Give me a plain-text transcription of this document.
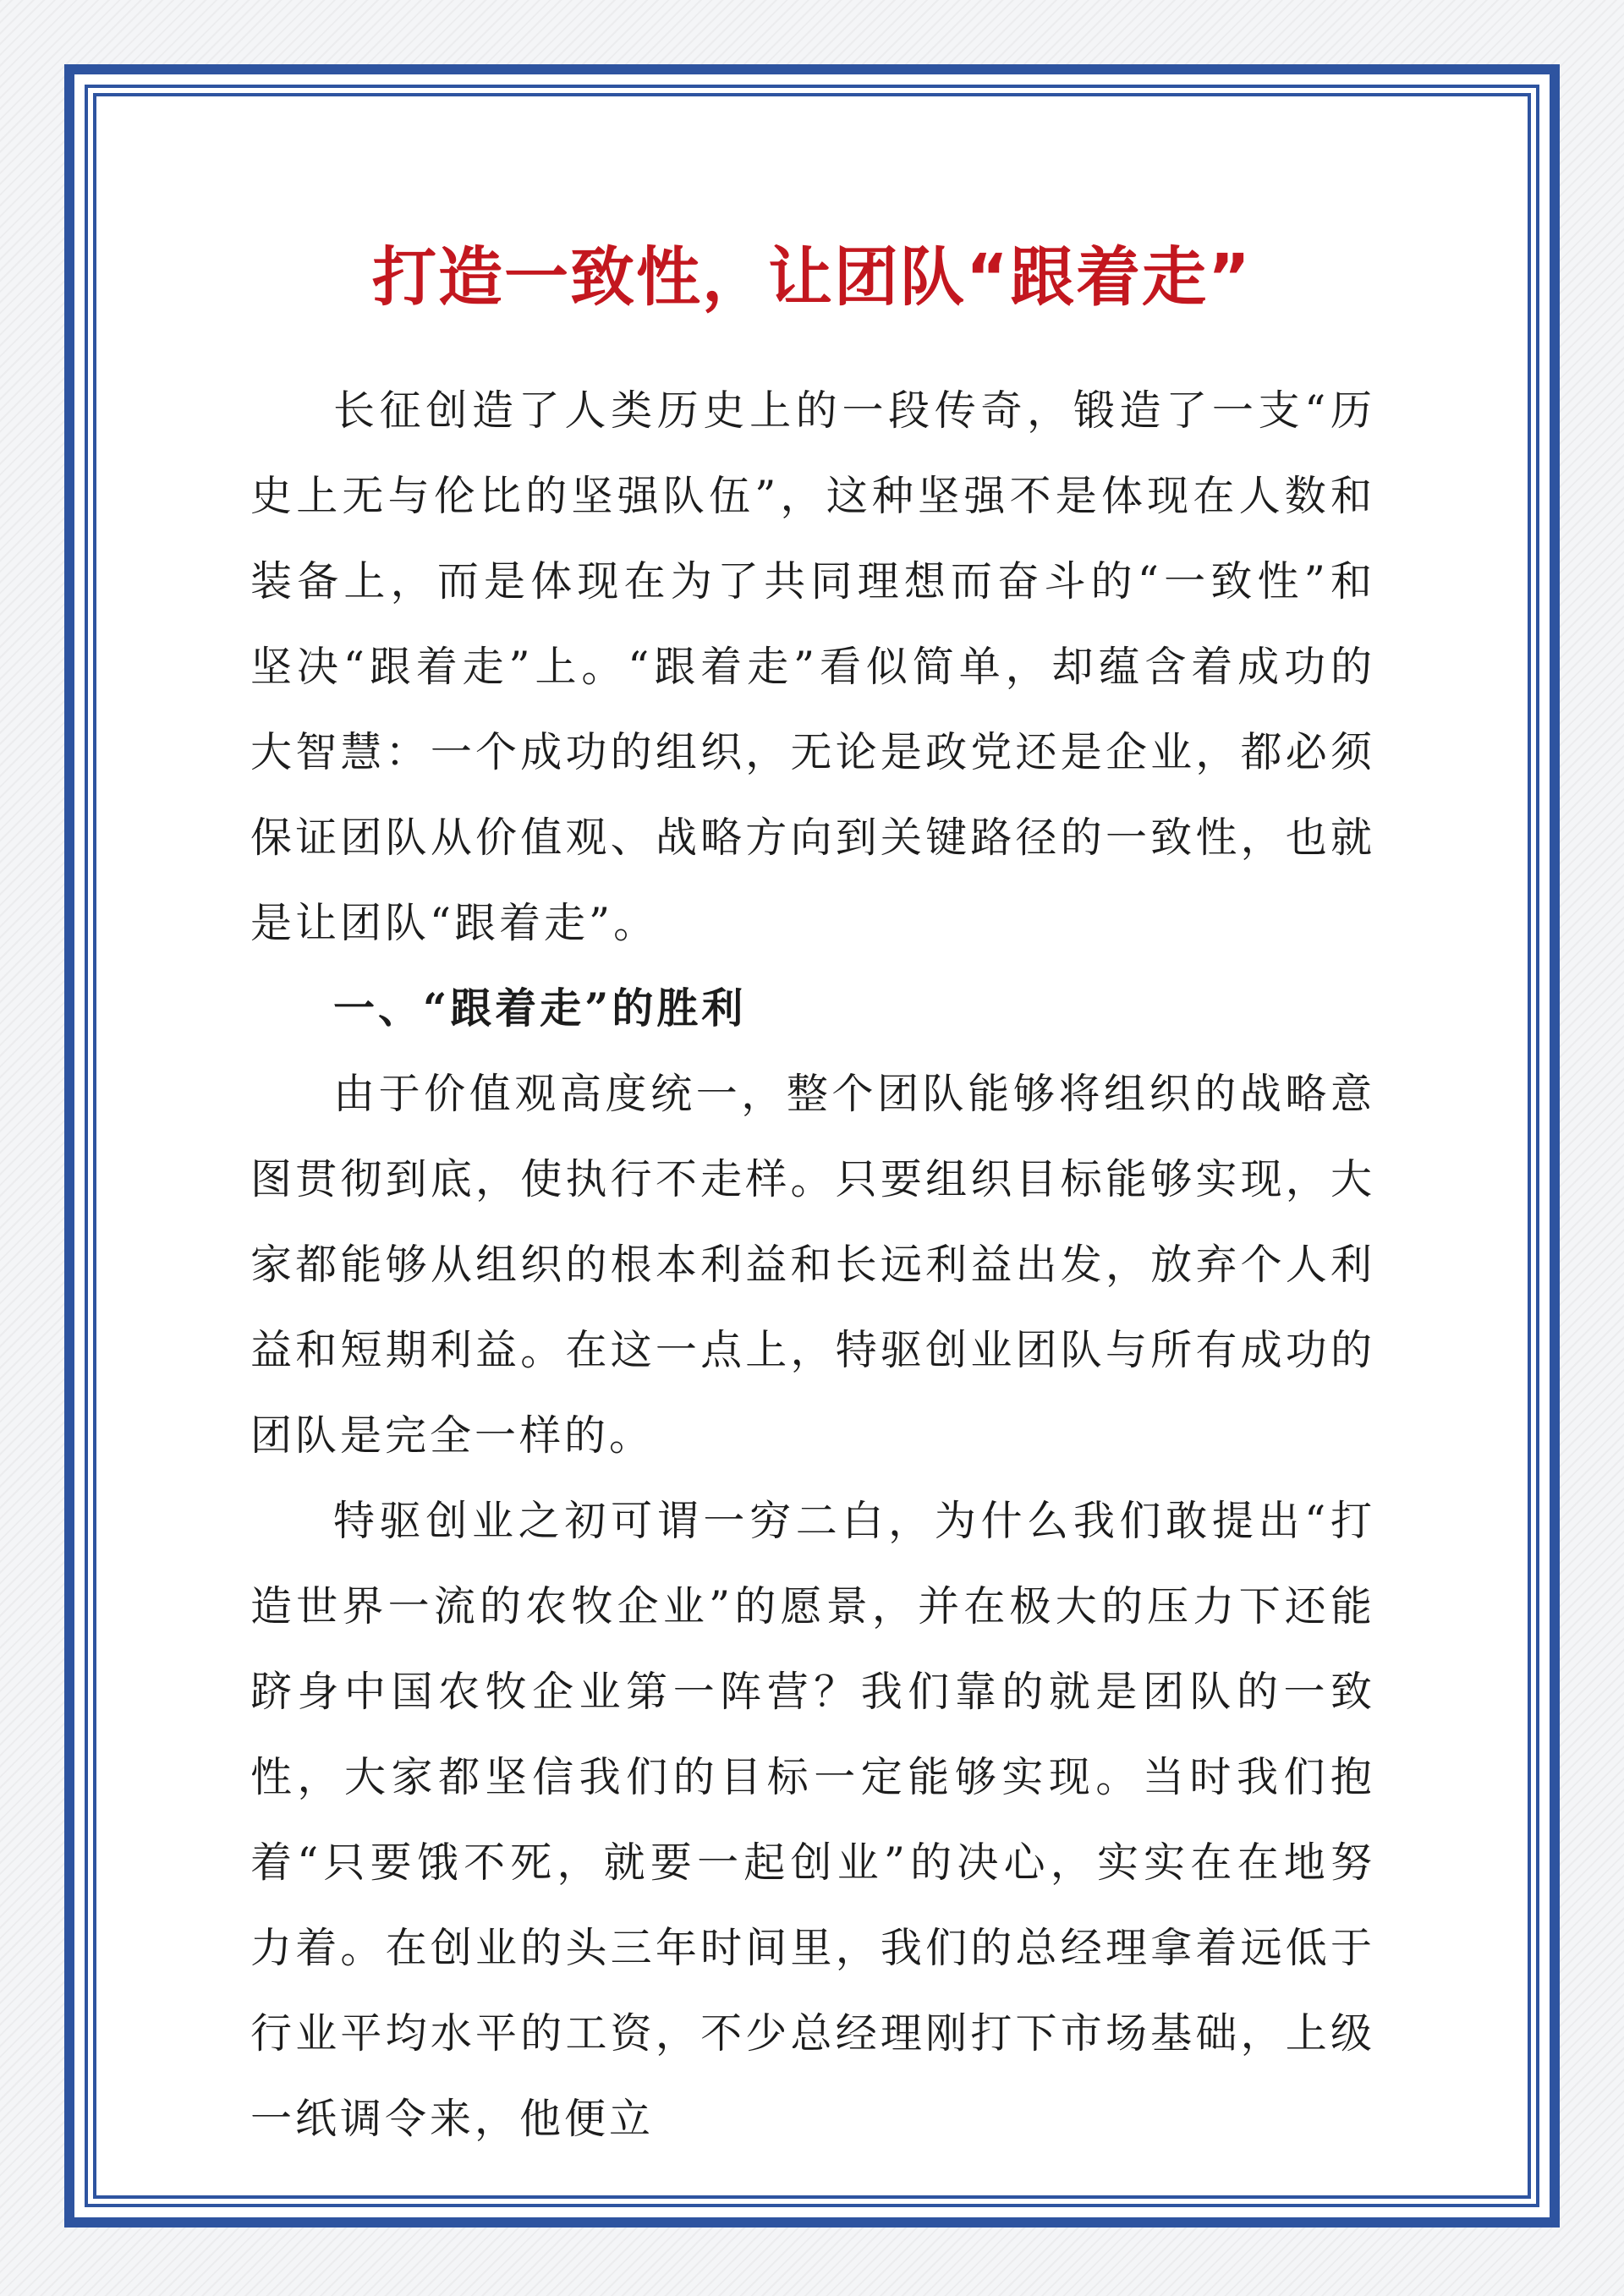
打造一致性，让团队“跟着走”

长征创造了人类历史上的一段传奇，锻造了一支“历史上无与伦比的坚强队伍”，这种坚强不是体现在人数和装备上，而是体现在为了共同理想而奋斗的“一致性”和坚决“跟着走”上。“跟着走”看似简单，却蕴含着成功的大智慧：一个成功的组织，无论是政党还是企业，都必须保证团队从价值观、战略方向到关键路径的一致性，也就是让团队“跟着走”。

一、“跟着走”的胜利

由于价值观高度统一，整个团队能够将组织的战略意图贯彻到底，使执行不走样。只要组织目标能够实现，大家都能够从组织的根本利益和长远利益出发，放弃个人利益和短期利益。在这一点上，特驱创业团队与所有成功的团队是完全一样的。

特驱创业之初可谓一穷二白，为什么我们敢提出“打造世界一流的农牧企业”的愿景，并在极大的压力下还能跻身中国农牧企业第一阵营？我们靠的就是团队的一致性，大家都坚信我们的目标一定能够实现。当时我们抱着“只要饿不死，就要一起创业”的决心，实实在在地努力着。在创业的头三年时间里，我们的总经理拿着远低于行业平均水平的工资，不少总经理刚打下市场基础，上级一纸调令来，他便立
